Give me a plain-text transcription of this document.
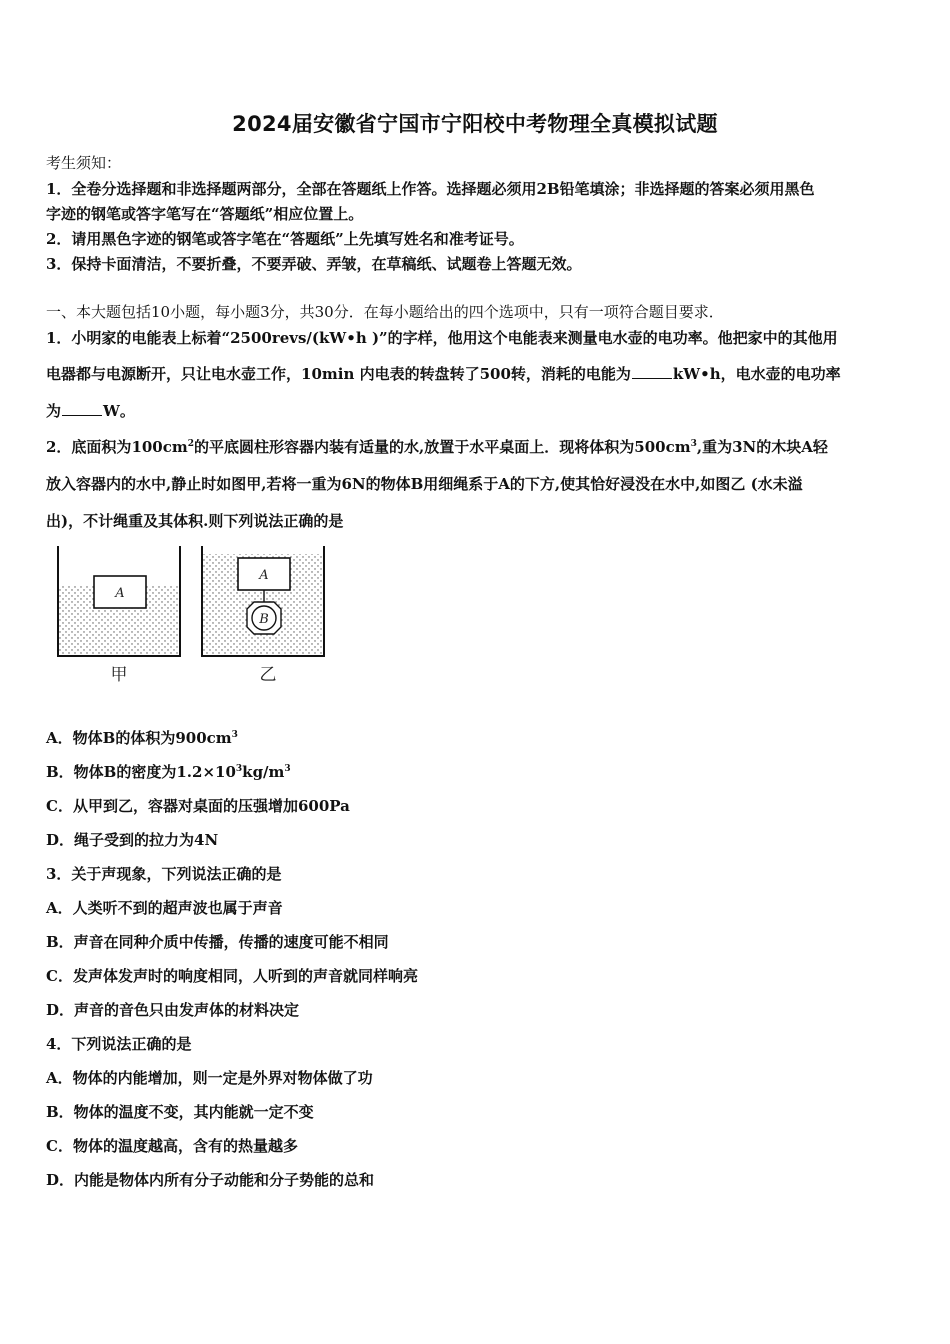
2024届安徽省宁国市宁阳校中考物理全真模拟试题
考生须知：
1．全卷分选择题和非选择题两部分，全部在答题纸上作答。选择题必须用2B铅笔填涂；非选择题的答案必须用黑色
字迹的钢笔或答字笔写在“答题纸”相应位置上。
2．请用黑色字迹的钢笔或答字笔在“答题纸”上先填写姓名和准考证号。
3．保持卡面清洁，不要折叠，不要弄破、弄皱，在草稿纸、试题卷上答题无效。
一、本大题包括10小题，每小题3分，共30分．在每小题给出的四个选项中，只有一项符合题目要求．
1．小明家的电能表上标着“2500revs/(kW•h )”的字样，他用这个电能表来测量电水壶的电功率。他把家中的其他用
电器都与电源断开，只让电水壶工作，10min 内电表的转盘转了500转，消耗的电能为	kW•h，电水壶的电功率
为	W。
2．底面积为$100cm^2$的平底圆柱形容器内装有适量的水,放置于水平桌面上．现将体积为$500cm^3$,重为3N的木块A轻
放入容器内的水中,静止时如图甲,若将一重为6N的物体B用细绳系于A的下方,使其恰好浸没在水中,如图乙 (水未溢
出)，不计绳重及其体积.则下列说法正确的是
A
甲
A
B
乙
A．物体B的体积为$900cm^3$
B．物体B的密度为$1.2\times 10^3kg/m^3$
C．从甲到乙，容器对桌面的压强增加600Pa
D．绳子受到的拉力为4N
3．关于声现象，下列说法正确的是
A．人类听不到的超声波也属于声音
B．声音在同种介质中传播，传播的速度可能不相同
C．发声体发声时的响度相同，人听到的声音就同样响亮
D．声音的音色只由发声体的材料决定
4．下列说法正确的是
A．物体的内能增加，则一定是外界对物体做了功
B．物体的温度不变，其内能就一定不变
C．物体的温度越高，含有的热量越多
D．内能是物体内所有分子动能和分子势能的总和
